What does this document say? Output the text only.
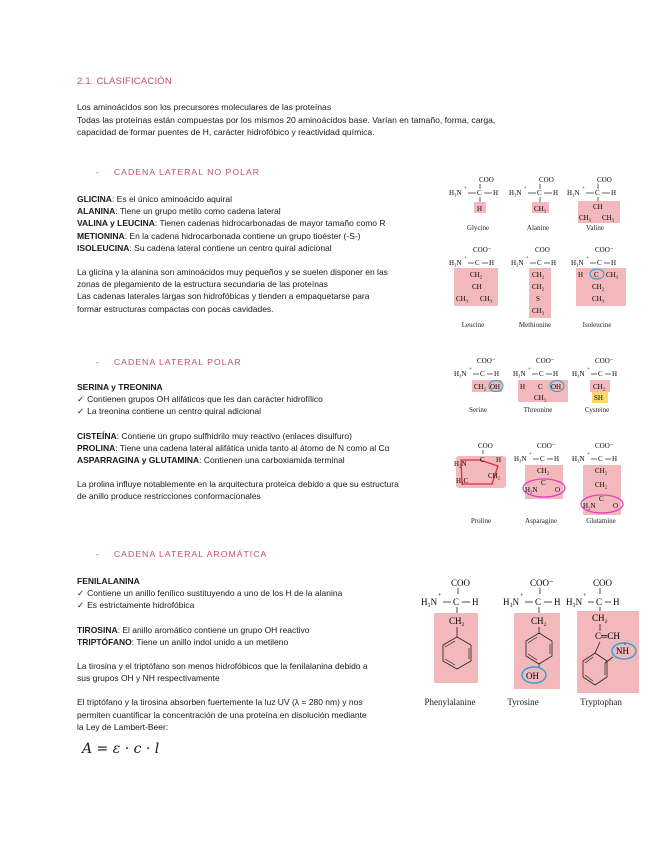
2.1. CLASIFICACIÓN

Los aminoácidos son los precursores moleculares de las proteínas

Todas las proteínas están compuestas por los mismos 20 aminoácidos base. Varían en tamaño, forma, carga,

capacidad de formar puentes de H, carácter hidrofóbico y reactividad química.

- CADENA LATERAL NO POLAR

GLICINA: Es el único aminoácido aquiral

ALANINA: Tiene un grupo metilo como cadena lateral

VALINA y LEUCINA: Tienen cadenas hidrocarbonadas de mayor tamaño como R

METIONINA: En la cadena hidrocarbonada contiene un grupo tioéster (-S-)

ISOLEUCINA: Su cadena lateral contiene un centro quiral adicional

La glicina y la alanina son aminoácidos muy pequeños y se suelen disponer en las

zonas de plegamiento de la estructura secundaria de las proteínas

Las cadenas laterales largas son hidrofóbicas y tienden a empaquetarse para

formar estructuras compactas con pocas cavidades.

COO
H₃N
+
C H
H
Glycine
COO
H₃N
+
C H
CH₃
Alanine
COO
H₃N
+
C H
CH
CH₃ CH₃
Valine
COO⁻
H₃N
+
C H
CH₂
CH
CH₃ CH₃
Leucine
COO
H₃N
+
C H
CH₂
CH₂
S
CH₃
Methionine
COO⁻
H₃N
+
C H
H C CH₃
CH₂
CH₃
Isoleucine
- CADENA LATERAL POLAR

SERINA y TREONINA

✓ Contienen grupos OH alifáticos que les dan carácter hidrofílico

✓ La treonina contiene un centro quiral adicional

CISTEÍNA: Contiene un grupo sulfhidrilo muy reactivo (enlaces disulfuro)

PROLINA: Tiene una cadena lateral alifática unida tanto al átomo de N como al Cα

ASPARRAGINA y GLUTAMINA: Contienen una carboxiamida terminal

La prolina influye notablemente en la arquitectura proteica debido a que su estructura

de anillo produce restricciones conformacionales

COO⁻
H₃N
+
C H
CH₂ OH
Serine
COO⁻
H₃N
+
C H
H C OH
CH₃
Threonine
COO⁻
H₃N
+
C H
CH₂
SH
Cysteine
COO
H₂N C H
H₂C
CH₂
Proline
COO⁻
H₃N
+
C H
CH₂
C
H₂N O
Asparagine
COO⁻
H₃N
+
C H
CH₂
CH₂
C
H₂N O
Glutamine
- CADENA LATERAL AROMÁTICA

FENILALANINA

✓ Contiene un anillo fenílico sustituyendo a uno de los H de la alanina

✓ Es estrictamente hidrofóbica

TIROSINA: El anillo aromático contiene un grupo OH reactivo

TRIPTÓFANO: Tiene un anillo indol unido a un metileno

La tirosina y el triptófano son menos hidrofóbicos que la fenilalanina debido a

sus grupos OH y NH respectivamente

El triptófano y la tirosina absorben fuertemente la luz UV (λ = 280 nm) y nos

permiten cuantificar la concentración de una proteína en disolución mediante

la Ley de Lambert-Beer:

A = ε · c · l
COO
H₃N
+
C H
CH₂
Phenylalanine
COO⁻
H₃N
+
C H
CH₂
OH
Tyrosine
COO
H₃N
+
C H
CH₂
C═CH
NH
Tryptophan
